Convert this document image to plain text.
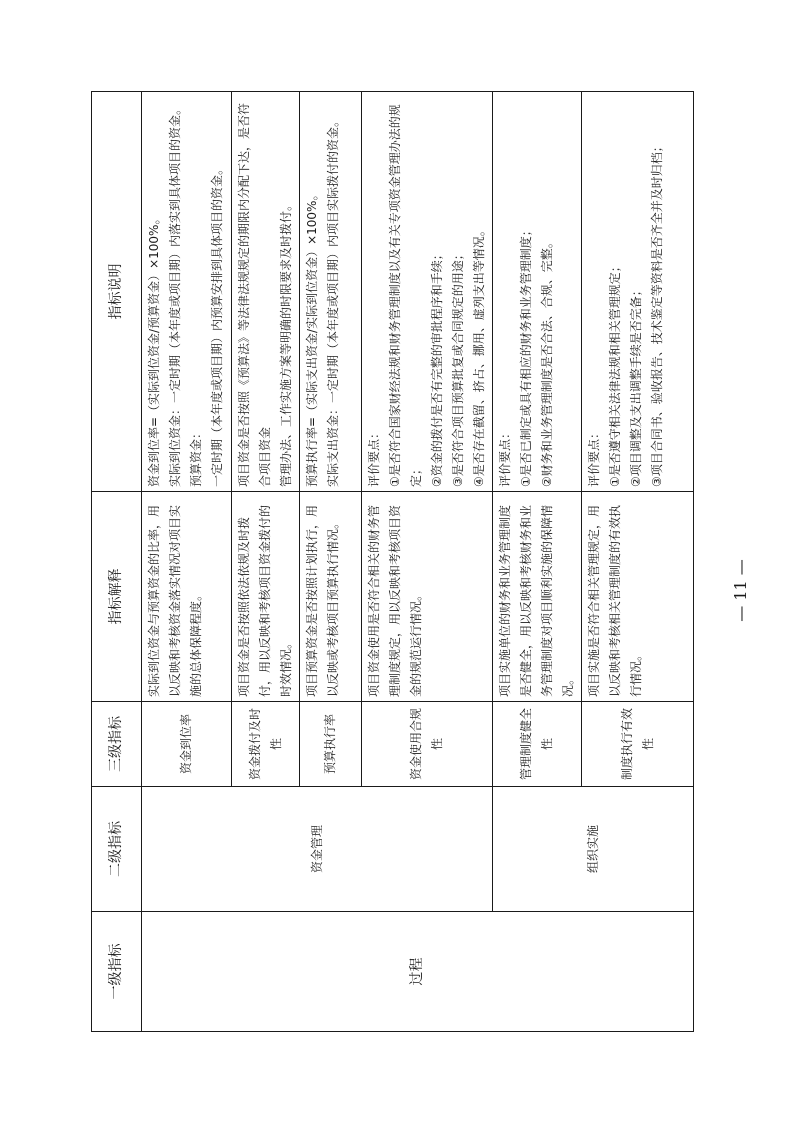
一级指标	二级指标	三级指标	指标解释	指标说明
过程	资金管理	资金到位率	实际到位资金与预算资金的比率，用以反映和考核资金落实情况对项目实施的总体保障程度。	资金到位率=（实际到位资金/预算资金）×100%。 实际到位资金：一定时期（本年度或项目期）内落实到具体项目的资金。预算资金： 一定时期（本年度或项目期）内预算安排到具体项目的资金。

		资金拨付及时性	项目资金是否按照依法依规及时拨付，用以反映和考核项目资金拨付的时效情况。	项目资金是否按照《预算法》等法律法规规定的期限内分配下达，是否符合项目资金 管理办法、工作实施方案等明确的时限要求及时拨付。

		预算执行率	项目预算资金是否按照计划执行，用以反映或考核项目预算执行情况。	预算执行率=（实际支出资金/实际到位资金）×100%。 实际支出资金：一定时期（本年度或项目期）内项目实际拨付的资金。

		资金使用合规性	项目资金使用是否符合相关的财务管理制度规定，用以反映和考核项目资金的规范运行情况。	评价要点： ①是否符合国家财经法规和财务管理制度以及有关专项资金管理办法的规定； ②资金的拨付是否有完整的审批程序和手续； ③是否符合项目预算批复或合同规定的用途； ④是否存在截留、挤占、挪用、虚列支出等情况。

	组织实施	管理制度健全性	项目实施单位的财务和业务管理制度是否健全，用以反映和考核财务和业务管理制度对项目顺利实施的保障情况。	评价要点： ①是否已制定或具有相应的财务和业务管理制度； ②财务和业务管理制度是否合法、合规、完整。

		制度执行有效性	项目实施是否符合相关管理规定，用以反映和考核相关管理制度的有效执行情况。	评价要点： ①是否遵守相关法律法规和相关管理规定； ②项目调整及支出调整手续是否完备； ③项目合同书、验收报告、技术鉴定等资料是否齐全并及时归档；
— 11 —
